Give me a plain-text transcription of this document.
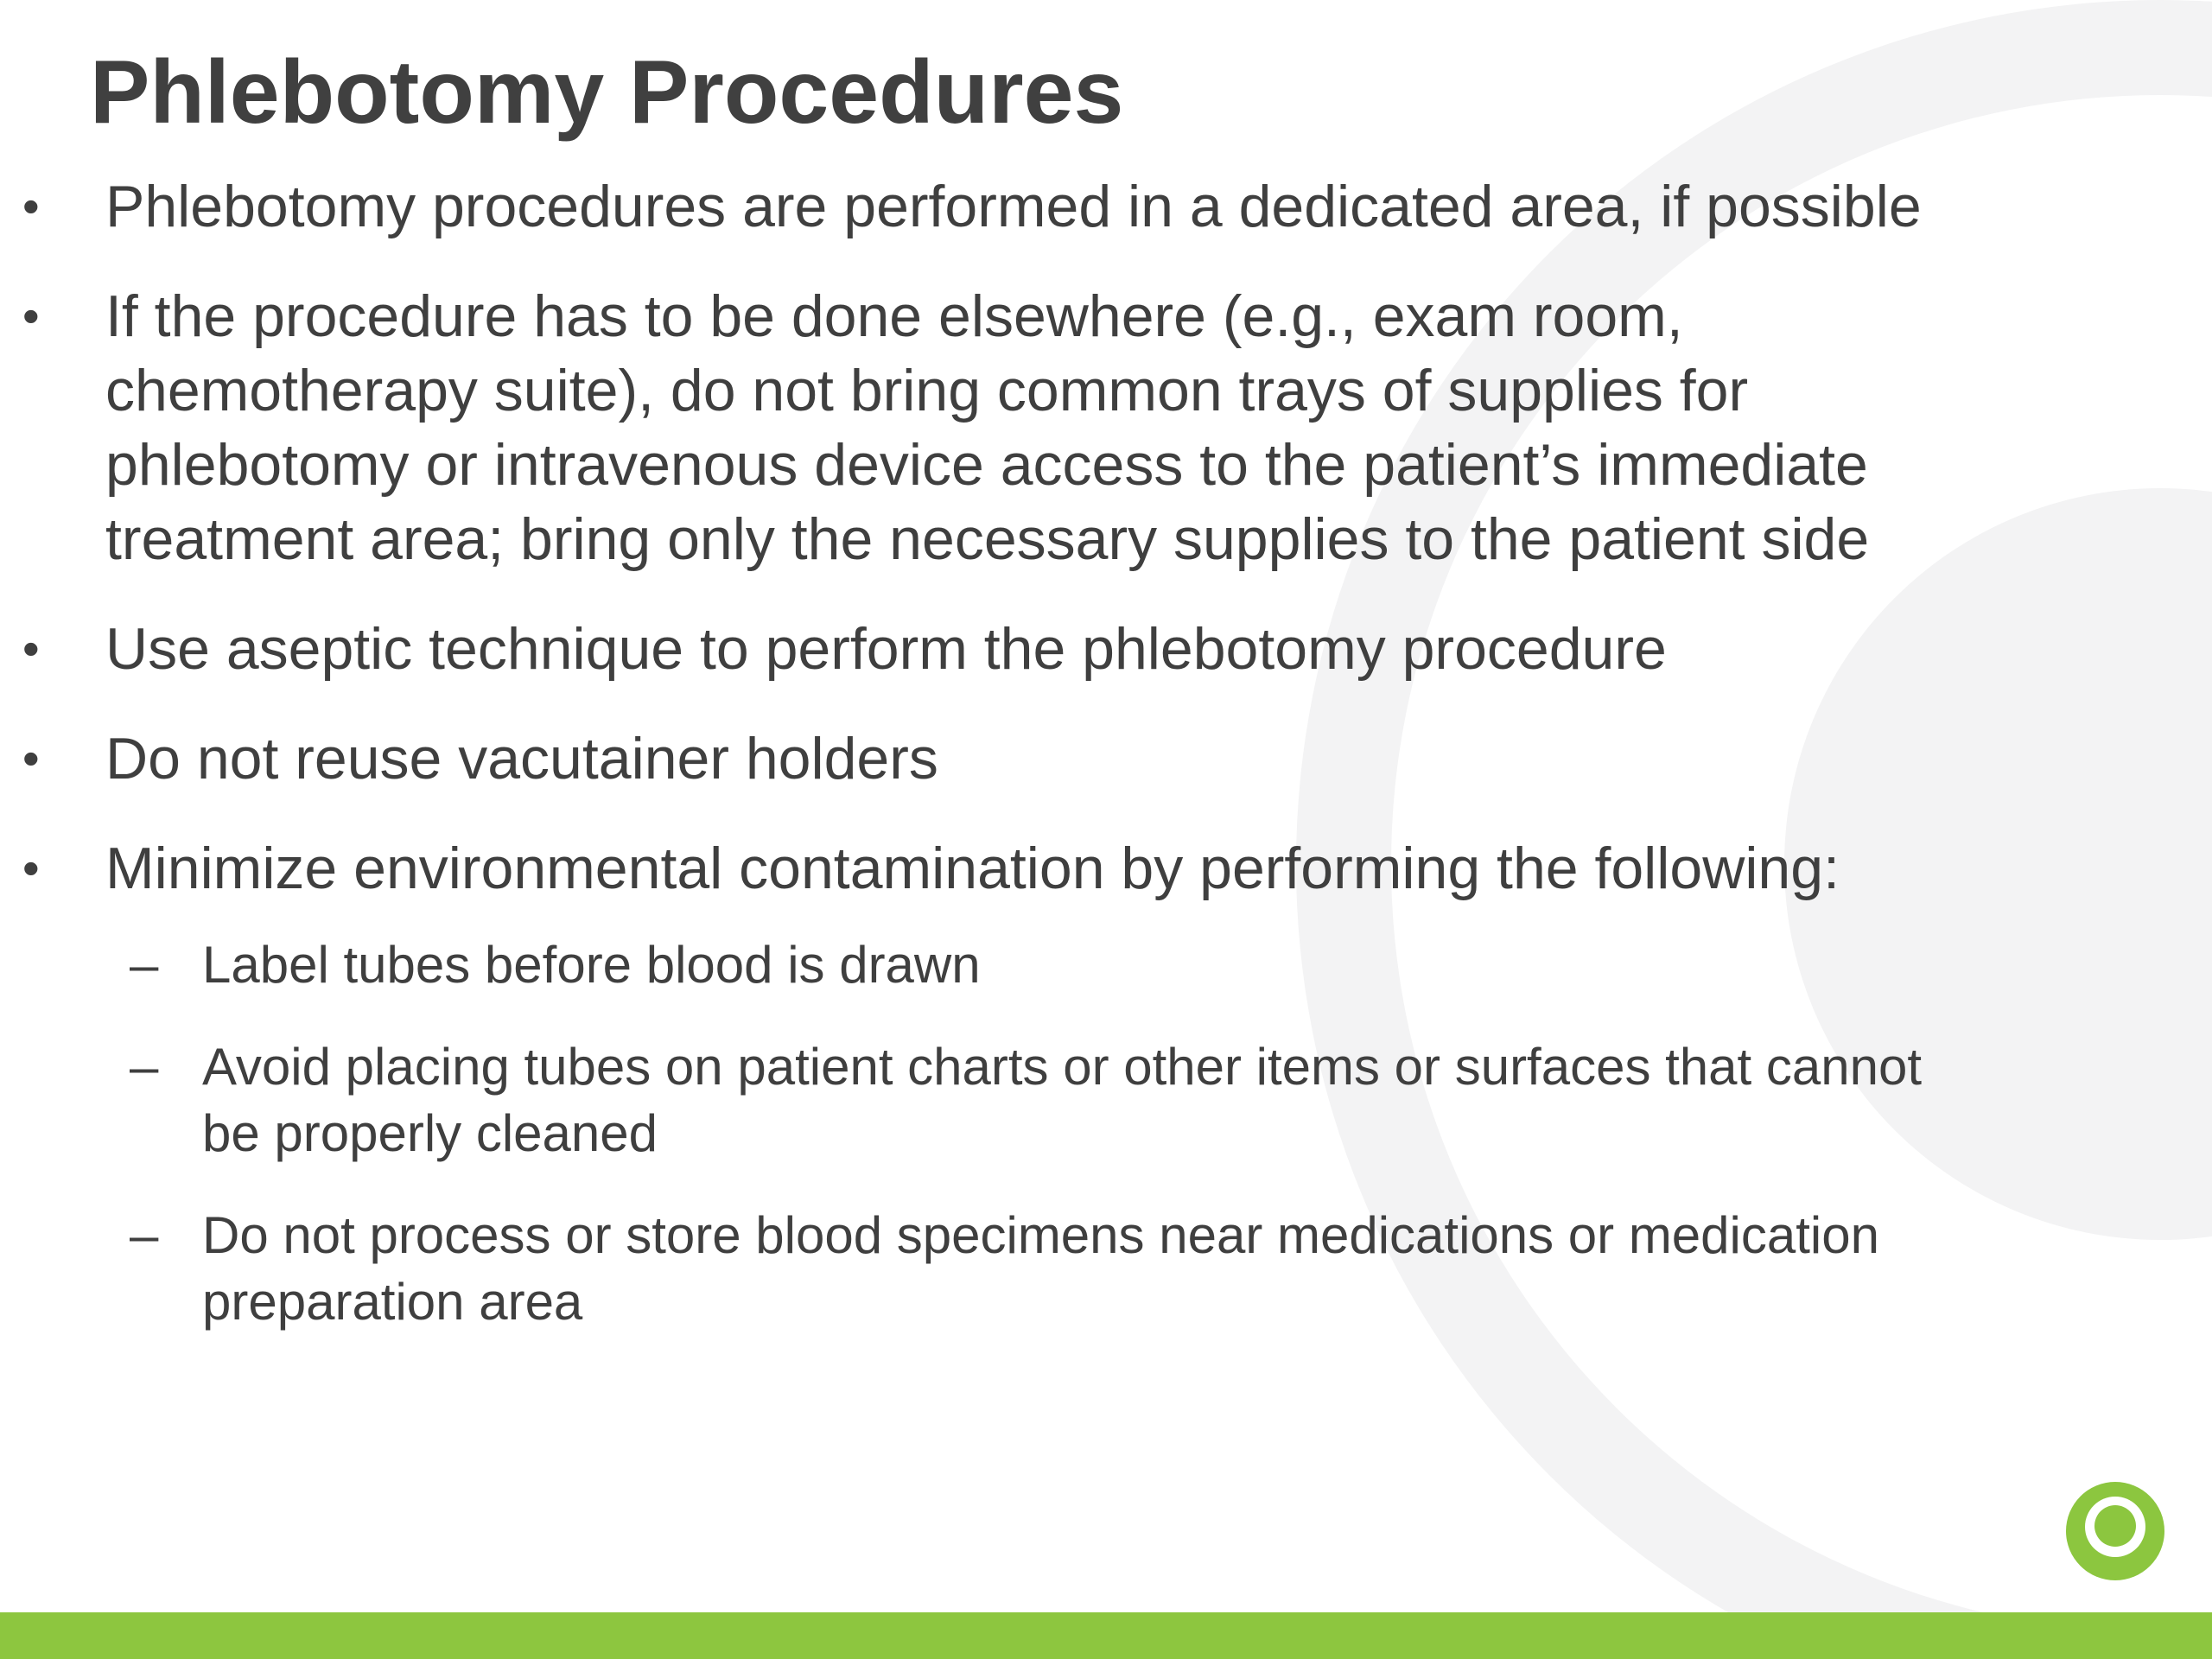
Phlebotomy Procedures
• Phlebotomy procedures are performed in a dedicated area, if possible
• If the procedure has to be done elsewhere (e.g., exam room, chemotherapy suite), do not bring common trays of supplies for phlebotomy or intravenous device access to the patient’s immediate treatment area; bring only the necessary supplies to the patient side
• Use aseptic technique to perform the phlebotomy procedure
• Do not reuse vacutainer holders
• Minimize environmental contamination by performing the following:
– Label tubes before blood is drawn
– Avoid placing tubes on patient charts or other items or surfaces that cannot be properly cleaned
– Do not process or store blood specimens near medications or medication preparation area
